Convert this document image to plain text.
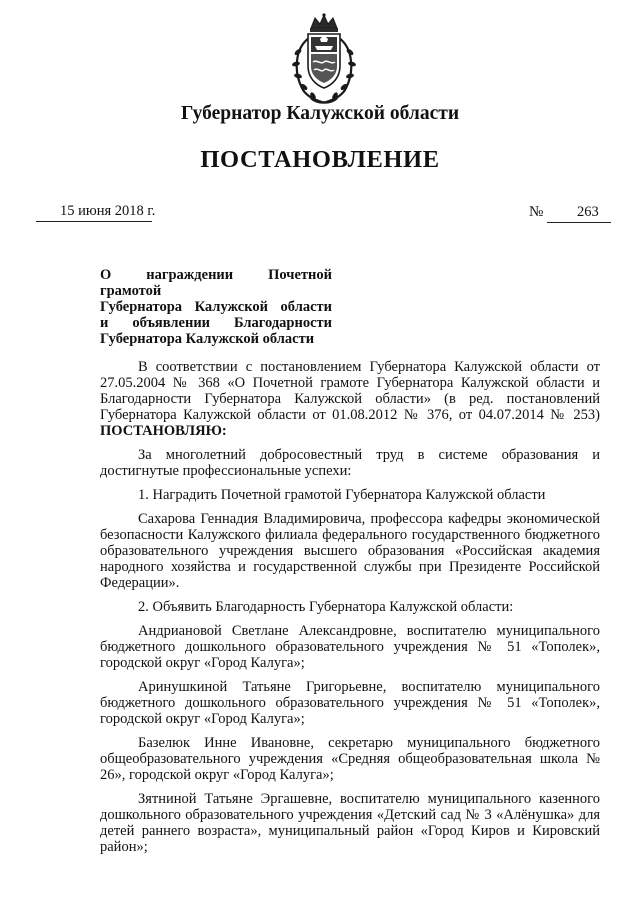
Губернатор Калужской области
ПОСТАНОВЛЕНИЕ
15 июня 2018 г.	№ 263
О награждении Почетной грамотой
Губернатора Калужской области
и объявлении Благодарности
Губернатора Калужской области

В соответствии с постановлением Губернатора Калужской области от 27.05.2004 № 368 «О Почетной грамоте Губернатора Калужской области и Благодарности Губернатора Калужской области» (в ред. постановлений Губернатора Калужской области от 01.08.2012 № 376, от 04.07.2014 № 253) ПОСТАНОВЛЯЮ:

За многолетний добросовестный труд в системе образования и достигнутые профессиональные успехи:

1. Наградить Почетной грамотой Губернатора Калужской области

Сахарова Геннадия Владимировича, профессора кафедры экономической безопасности Калужского филиала федерального государственного бюджетного образовательного учреждения высшего образования «Российская академия народного хозяйства и государственной службы при Президенте Российской Федерации».

2. Объявить Благодарность Губернатора Калужской области:

Андриановой Светлане Александровне, воспитателю муниципального бюджетного дошкольного образовательного учреждения № 51 «Тополек», городской округ «Город Калуга»;

Аринушкиной Татьяне Григорьевне, воспитателю муниципального бюджетного дошкольного образовательного учреждения № 51 «Тополек», городской округ «Город Калуга»;

Базелюк Инне Ивановне, секретарю муниципального бюджетного общеобразовательного учреждения «Средняя общеобразовательная школа № 26», городской округ «Город Калуга»;

Зятниной Татьяне Эргашевне, воспитателю муниципального казенного дошкольного образовательного учреждения «Детский сад № 3 «Алёнушка» для детей раннего возраста», муниципальный район «Город Киров и Кировский район»;
